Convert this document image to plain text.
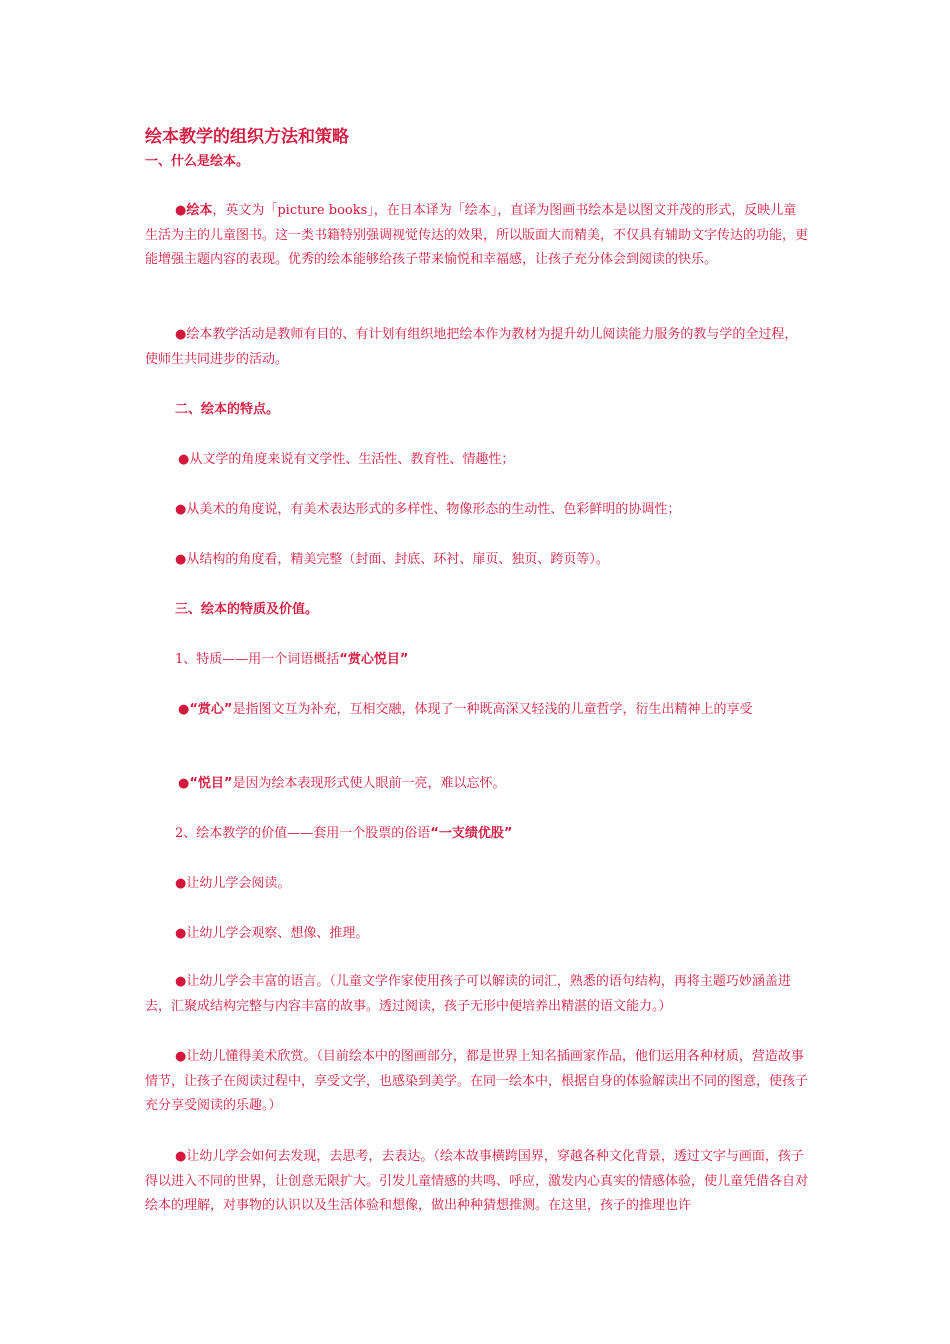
绘本教学的组织方法和策略
一、什么是绘本。

●绘本，英文为「picture books」，在日本译为「绘本」，直译为图画书绘本是以图文并茂的形式，反映儿童生活为主的儿童图书。这一类书籍特别强调视觉传达的效果，所以版面大而精美，不仅具有辅助文字传达的功能，更能增强主题内容的表现。优秀的绘本能够给孩子带来愉悦和幸福感，让孩子充分体会到阅读的快乐。

●绘本教学活动是教师有目的、有计划有组织地把绘本作为教材为提升幼儿阅读能力服务的教与学的全过程，使师生共同进步的活动。

二、绘本的特点。
●从文学的角度来说有文学性、生活性、教育性、情趣性；
●从美术的角度说，有美术表达形式的多样性、物像形态的生动性、色彩鲜明的协调性；
●从结构的角度看，精美完整（封面、封底、环衬、扉页、独页、跨页等）。
三、绘本的特质及价值。
1、特质——用一个词语概括“赏心悦目”
●“赏心”是指图文互为补充，互相交融，体现了一种既高深又轻浅的儿童哲学，衍生出精神上的享受
●“悦目”是因为绘本表现形式使人眼前一亮，难以忘怀。
2、绘本教学的价值——套用一个股票的俗语“一支绩优股”
●让幼儿学会阅读。
●让幼儿学会观察、想像、推理。

●让幼儿学会丰富的语言。（儿童文学作家使用孩子可以解读的词汇，熟悉的语句结构，再将主题巧妙涵盖进去，汇聚成结构完整与内容丰富的故事。透过阅读，孩子无形中便培养出精湛的语文能力。）

●让幼儿懂得美术欣赏。（目前绘本中的图画部分，都是世界上知名插画家作品，他们运用各种材质，营造故事情节，让孩子在阅读过程中，享受文学，也感染到美学。在同一绘本中，根据自身的体验解读出不同的图意，使孩子充分享受阅读的乐趣。）

●让幼儿学会如何去发现，去思考，去表达。（绘本故事横跨国界，穿越各种文化背景，透过文字与画面，孩子得以进入不同的世界，让创意无限扩大。引发儿童情感的共鸣、呼应，激发内心真实的情感体验，使儿童凭借各自对绘本的理解，对事物的认识以及生活体验和想像，做出种种猜想推测。在这里，孩子的推理也许
